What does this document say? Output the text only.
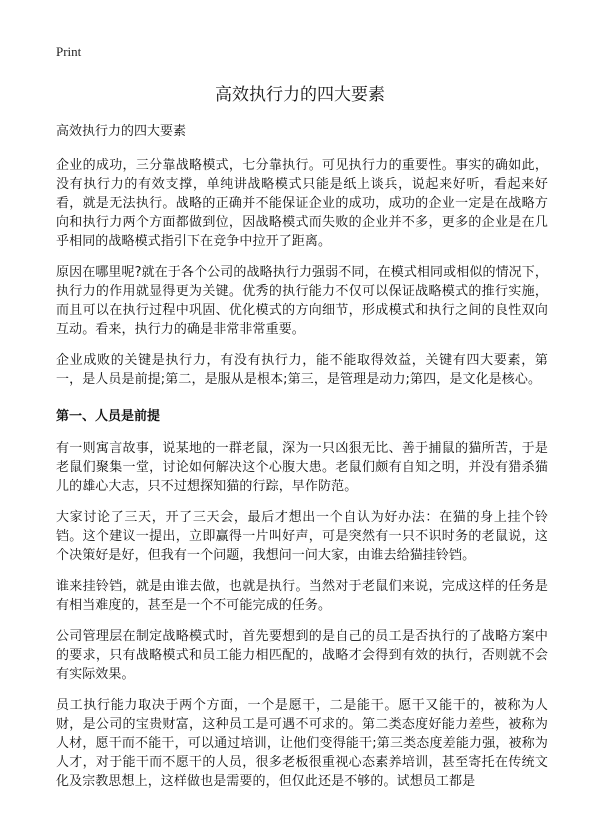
Print
高效执行力的四大要素
高效执行力的四大要素

企业的成功，三分靠战略模式，七分靠执行。可见执行力的重要性。事实的确如此，没有执行力的有效支撑，单纯讲战略模式只能是纸上谈兵，说起来好听，看起来好看，就是无法执行。战略的正确并不能保证企业的成功，成功的企业一定是在战略方向和执行力两个方面都做到位，因战略模式而失败的企业并不多，更多的企业是在几乎相同的战略模式指引下在竞争中拉开了距离。

原因在哪里呢?就在于各个公司的战略执行力强弱不同，在模式相同或相似的情况下，执行力的作用就显得更为关键。优秀的执行能力不仅可以保证战略模式的推行实施，而且可以在执行过程中巩固、优化模式的方向细节，形成模式和执行之间的良性双向互动。看来，执行力的确是非常非常重要。

企业成败的关键是执行力，有没有执行力，能不能取得效益，关键有四大要素，第一，是人员是前提;第二，是服从是根本;第三，是管理是动力;第四，是文化是核心。

第一、人员是前提

有一则寓言故事，说某地的一群老鼠，深为一只凶狠无比、善于捕鼠的猫所苦，于是老鼠们聚集一堂，讨论如何解决这个心腹大患。老鼠们颇有自知之明，并没有猎杀猫儿的雄心大志，只不过想探知猫的行踪，早作防范。

大家讨论了三天，开了三天会，最后才想出一个自认为好办法：在猫的身上挂个铃铛。这个建议一提出，立即赢得一片叫好声，可是突然有一只不识时务的老鼠说，这个决策好是好，但我有一个问题，我想问一问大家，由谁去给猫挂铃铛。

谁来挂铃铛，就是由谁去做，也就是执行。当然对于老鼠们来说，完成这样的任务是有相当难度的，甚至是一个不可能完成的任务。

公司管理层在制定战略模式时，首先要想到的是自己的员工是否执行的了战略方案中的要求，只有战略模式和员工能力相匹配的，战略才会得到有效的执行，否则就不会有实际效果。

员工执行能力取决于两个方面，一个是愿干，二是能干。愿干又能干的，被称为人财，是公司的宝贵财富，这种员工是可遇不可求的。第二类态度好能力差些，被称为人材，愿干而不能干，可以通过培训，让他们变得能干;第三类态度差能力强，被称为人才，对于能干而不愿干的人员，很多老板很重视心态素养培训，甚至寄托在传统文化及宗教思想上，这样做也是需要的，但仅此还是不够的。试想员工都是
